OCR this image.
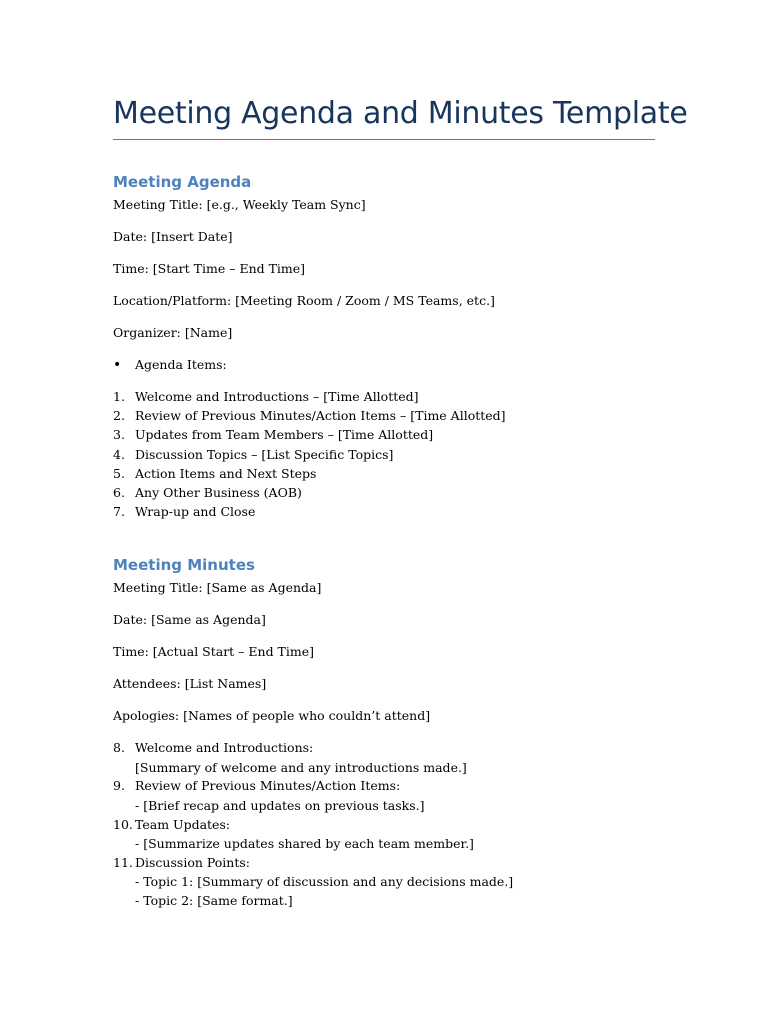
Meeting Agenda and Minutes Template
Meeting Agenda

Meeting Title: [e.g., Weekly Team Sync]

Date: [Insert Date]

Time: [Start Time – End Time]

Location/Platform: [Meeting Room / Zoom / MS Teams, etc.]

Organizer: [Name]

• Agenda Items:
1. Welcome and Introductions – [Time Allotted]
2. Review of Previous Minutes/Action Items – [Time Allotted]
3. Updates from Team Members – [Time Allotted]
4. Discussion Topics – [List Specific Topics]
5. Action Items and Next Steps
6. Any Other Business (AOB)
7. Wrap-up and Close
Meeting Minutes

Meeting Title: [Same as Agenda]

Date: [Same as Agenda]

Time: [Actual Start – End Time]

Attendees: [List Names]

Apologies: [Names of people who couldn’t attend]

8. Welcome and Introductions:
[Summary of welcome and any introductions made.]
9. Review of Previous Minutes/Action Items:
- [Brief recap and updates on previous tasks.]
10. Team Updates:
- [Summarize updates shared by each team member.]
11. Discussion Points:
- Topic 1: [Summary of discussion and any decisions made.]
- Topic 2: [Same format.]
